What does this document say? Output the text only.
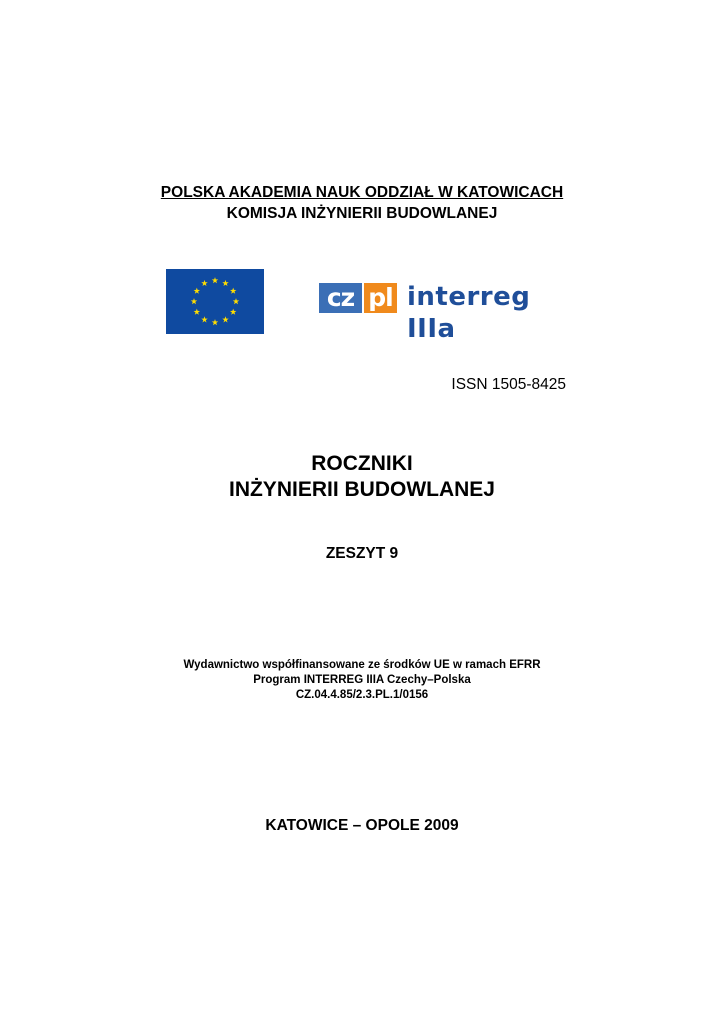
POLSKA AKADEMIA NAUK ODDZIAŁ W KATOWICACH
KOMISJA INŻYNIERII BUDOWLANEJ
cz pl interreg IIIa
ISSN 1505-8425
ROCZNIKI
INŻYNIERII BUDOWLANEJ
ZESZYT 9
Wydawnictwo współfinansowane ze środków UE w ramach EFRR
Program INTERREG IIIA Czechy–Polska
CZ.04.4.85/2.3.PL.1/0156
KATOWICE – OPOLE 2009
